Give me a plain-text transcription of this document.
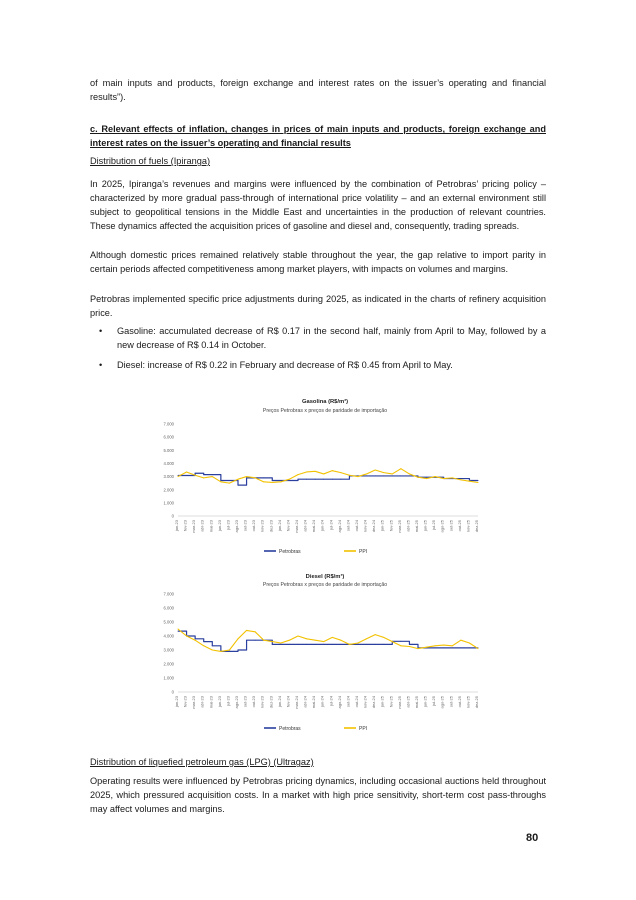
of main inputs and products, foreign exchange and interest rates on the issuer’s operating and financial results”).

c. Relevant effects of inflation, changes in prices of main inputs and products, foreign exchange and interest rates on the issuer’s operating and financial results

Distribution of fuels (Ipiranga)

In 2025, Ipiranga’s revenues and margins were influenced by the combination of Petrobras’ pricing policy – characterized by more gradual pass-through of international price volatility – and an external environment still subject to geopolitical tensions in the Middle East and uncertainties in the production of relevant countries. These dynamics affected the acquisition prices of gasoline and diesel and, consequently, trading spreads.

Although domestic prices remained relatively stable throughout the year, the gap relative to import parity in certain periods affected competitiveness among market players, with impacts on volumes and margins.

Petrobras implemented specific price adjustments during 2025, as indicated in the charts of refinery acquisition price.

• Gasoline: accumulated decrease of R$ 0.17 in the second half, mainly from April to May, followed by a new decrease of R$ 0.14 in October.
• Diesel: increase of R$ 0.22 in February and decrease of R$ 0.45 from April to May.
Gasolina (R$/m³)
Preços Petrobras x preços de paridade de importação
0
1.000
2.000
3.000
4.000
5.000
6.000
7.000
jan-23 fev-23 mar-23 abr-23 mai-23 jun-23 jul-23 ago-23 set-23 out-23 nov-23 dez-23 jan-24 fev-24 mar-24 abr-24 mai-24 jun-24 jul-24 ago-24 set-24 out-24 nov-24 dez-24 jan-25 fev-25 mar-25 abr-25 mai-25 jun-25 jul-25 ago-25 set-25 out-25 nov-25 dez-25
Petrobras	PPI
Diesel (R$/m³)
Preços Petrobras x preços de paridade de importação
0
1.000
2.000
3.000
4.000
5.000
6.000
7.000
jan-23 fev-23 mar-23 abr-23 mai-23 jun-23 jul-23 ago-23 set-23 out-23 nov-23 dez-23 jan-24 fev-24 mar-24 abr-24 mai-24 jun-24 jul-24 ago-24 set-24 out-24 nov-24 dez-24 jan-25 fev-25 mar-25 abr-25 mai-25 jun-25 jul-25 ago-25 set-25 out-25 nov-25 dez-25
Petrobras	PPI

Distribution of liquefied petroleum gas (LPG) (Ultragaz)

Operating results were influenced by Petrobras pricing dynamics, including occasional auctions held throughout 2025, which pressured acquisition costs. In a market with high price sensitivity, short-term cost pass-throughs may affect volumes and margins.

80
